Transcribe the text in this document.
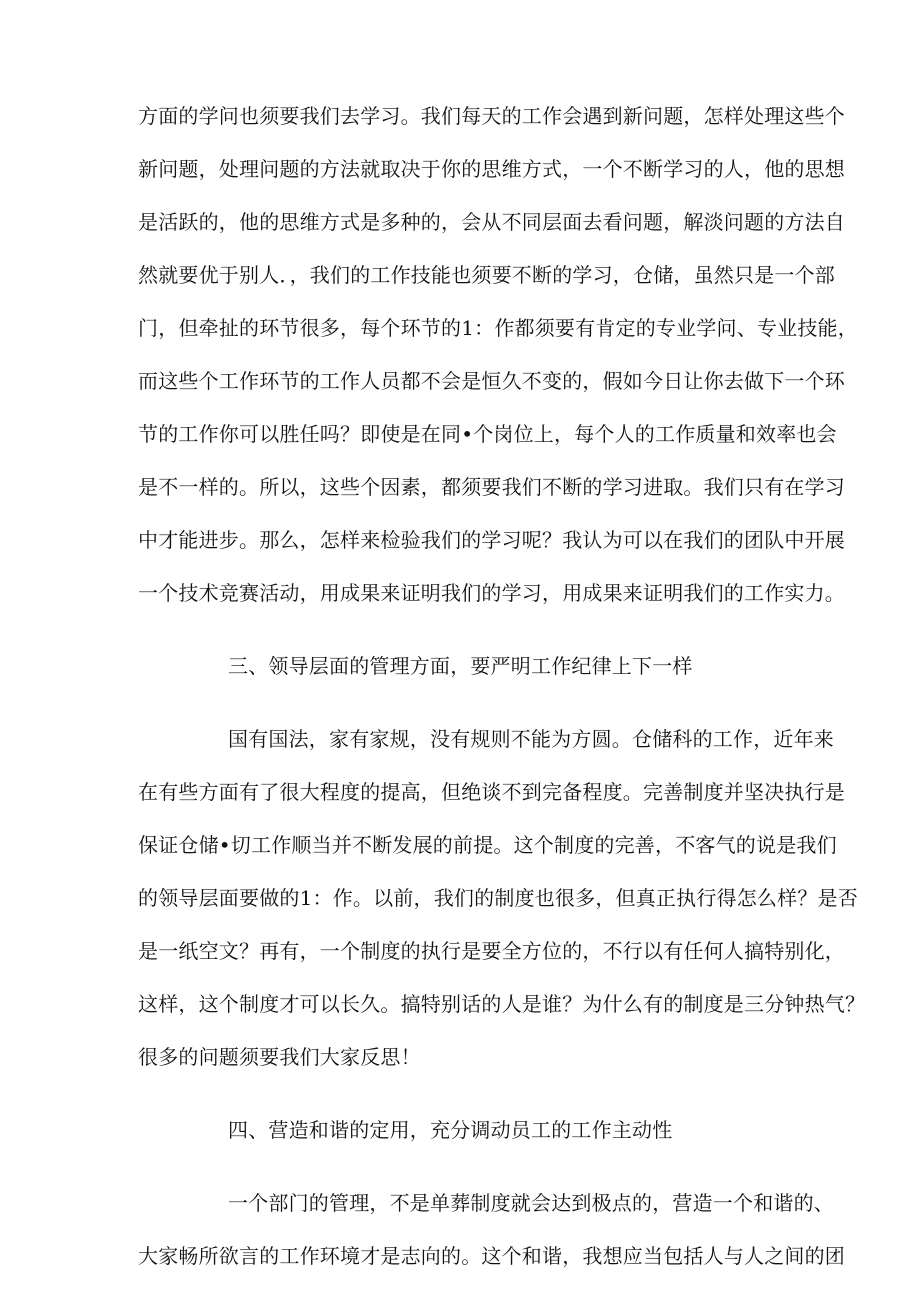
方面的学问也须要我们去学习。我们每天的工作会遇到新问题，怎样处理这些个
新问题，处理问题的方法就取决于你的思维方式，一个不断学习的人，他的思想
是活跃的，他的思维方式是多种的，会从不同层面去看问题，解淡问题的方法自
然就要优于别人．，我们的工作技能也须要不断的学习，仓储，虽然只是一个部
门，但牵扯的环节很多，每个环节的1：作都须要有肯定的专业学问、专业技能，
而这些个工作环节的工作人员都不会是恒久不变的，假如今日让你去做下一个环
节的工作你可以胜任吗？即使是在同•个岗位上，每个人的工作质量和效率也会
是不一样的。所以，这些个因素，都须要我们不断的学习进取。我们只有在学习
中才能进步。那么，怎样来检验我们的学习呢？我认为可以在我们的团队中开展
一个技术竞赛活动，用成果来证明我们的学习，用成果来证明我们的工作实力。
三、领导层面的管理方面，要严明工作纪律上下一样
国有国法，家有家规，没有规则不能为方圆。仓储科的工作，近年来
在有些方面有了很大程度的提高，但绝谈不到完备程度。完善制度并坚决执行是
保证仓储•切工作顺当并不断发展的前提。这个制度的完善，不客气的说是我们
的领导层面要做的1：作。以前，我们的制度也很多，但真正执行得怎么样？是否
是一纸空文？再有，一个制度的执行是要全方位的，不行以有任何人搞特别化，
这样，这个制度才可以长久。搞特别话的人是谁？为什么有的制度是三分钟热气？
很多的问题须要我们大家反思！
四、营造和谐的定用，充分调动员工的工作主动性
一个部门的管理，不是单葬制度就会达到极点的，营造一个和谐的、
大家畅所欲言的工作环境才是志向的。这个和谐，我想应当包括人与人之间的团
